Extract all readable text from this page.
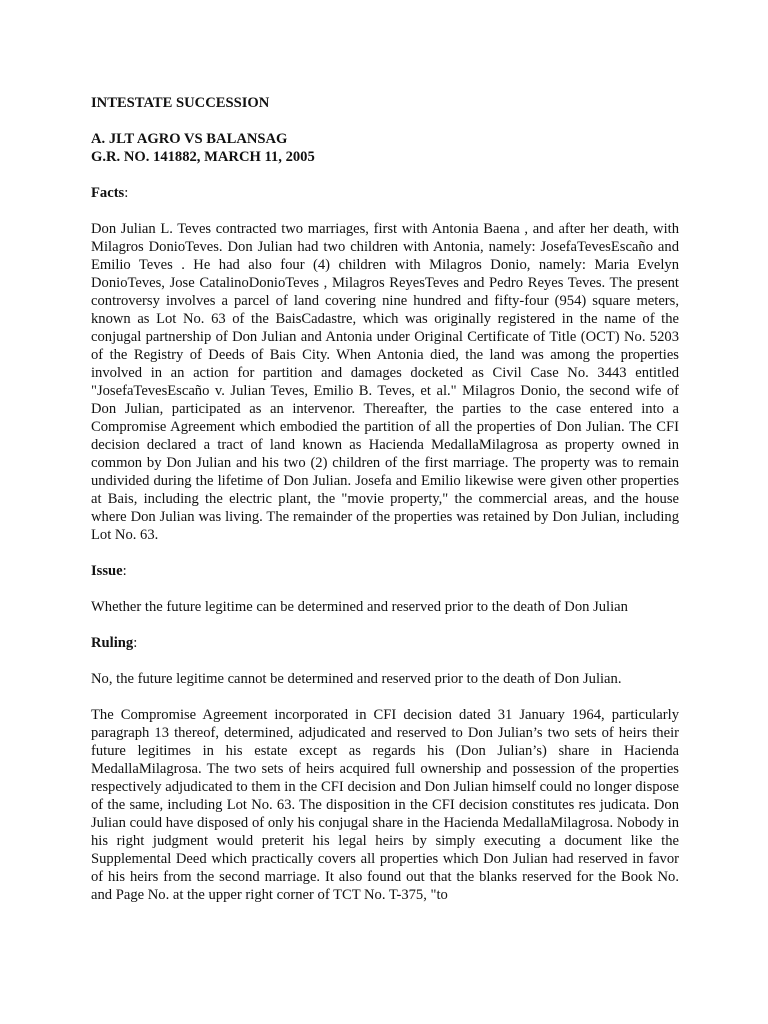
INTESTATE SUCCESSION
A. JLT AGRO VS BALANSAG
G.R. NO. 141882, MARCH 11, 2005
Facts:

Don Julian L. Teves contracted two marriages, first with Antonia Baena , and after her death, with Milagros DonioTeves. Don Julian had two children with Antonia, namely: JosefaTevesEscaño and Emilio Teves . He had also four (4) children with Milagros Donio, namely: Maria Evelyn DonioTeves, Jose CatalinoDonioTeves , Milagros ReyesTeves and Pedro Reyes Teves. The present controversy involves a parcel of land covering nine hundred and fifty-four (954) square meters, known as Lot No. 63 of the BaisCadastre, which was originally registered in the name of the conjugal partnership of Don Julian and Antonia under Original Certificate of Title (OCT) No. 5203 of the Registry of Deeds of Bais City. When Antonia died, the land was among the properties involved in an action for partition and damages docketed as Civil Case No. 3443 entitled "JosefaTevesEscaño v. Julian Teves, Emilio B. Teves, et al." Milagros Donio, the second wife of Don Julian, participated as an intervenor. Thereafter, the parties to the case entered into a Compromise Agreement which embodied the partition of all the properties of Don Julian. The CFI decision declared a tract of land known as Hacienda MedallaMilagrosa as property owned in common by Don Julian and his two (2) children of the first marriage. The property was to remain undivided during the lifetime of Don Julian. Josefa and Emilio likewise were given other properties at Bais, including the electric plant, the "movie property," the commercial areas, and the house where Don Julian was living. The remainder of the properties was retained by Don Julian, including Lot No. 63.

Issue:

Whether the future legitime can be determined and reserved prior to the death of Don Julian

Ruling:

No, the future legitime cannot be determined and reserved prior to the death of Don Julian.

The Compromise Agreement incorporated in CFI decision dated 31 January 1964, particularly paragraph 13 thereof, determined, adjudicated and reserved to Don Julian’s two sets of heirs their future legitimes in his estate except as regards his (Don Julian’s) share in Hacienda MedallaMilagrosa. The two sets of heirs acquired full ownership and possession of the properties respectively adjudicated to them in the CFI decision and Don Julian himself could no longer dispose of the same, including Lot No. 63. The disposition in the CFI decision constitutes res judicata. Don Julian could have disposed of only his conjugal share in the Hacienda MedallaMilagrosa. Nobody in his right judgment would preterit his legal heirs by simply executing a document like the Supplemental Deed which practically covers all properties which Don Julian had reserved in favor of his heirs from the second marriage. It also found out that the blanks reserved for the Book No. and Page No. at the upper right corner of TCT No. T-375, "to
